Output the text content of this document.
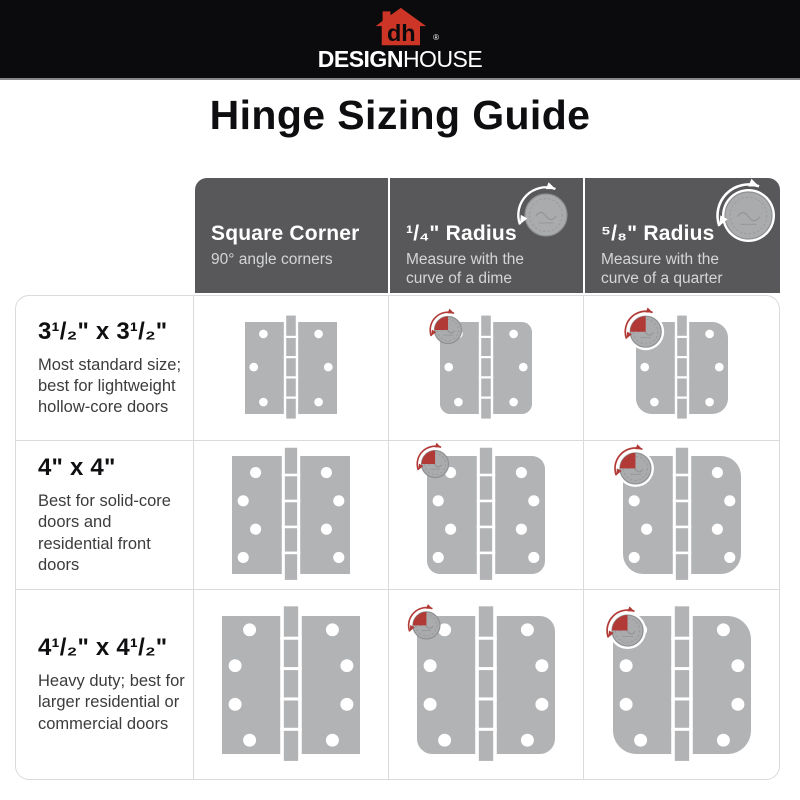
dh ®
DESIGNHOUSE
Hinge Sizing Guide
Square Corner
90° angle corners
¹/₄" Radius
Measure with the curve of a dime
⁵/₈" Radius
Measure with the curve of a quarter
3¹/₂" x 3¹/₂"
Most standard size; best for lightweight hollow-core doors
4" x 4"
Best for solid-core doors and residential front doors
4¹/₂" x 4¹/₂"
Heavy duty; best for larger residential or commercial doors
